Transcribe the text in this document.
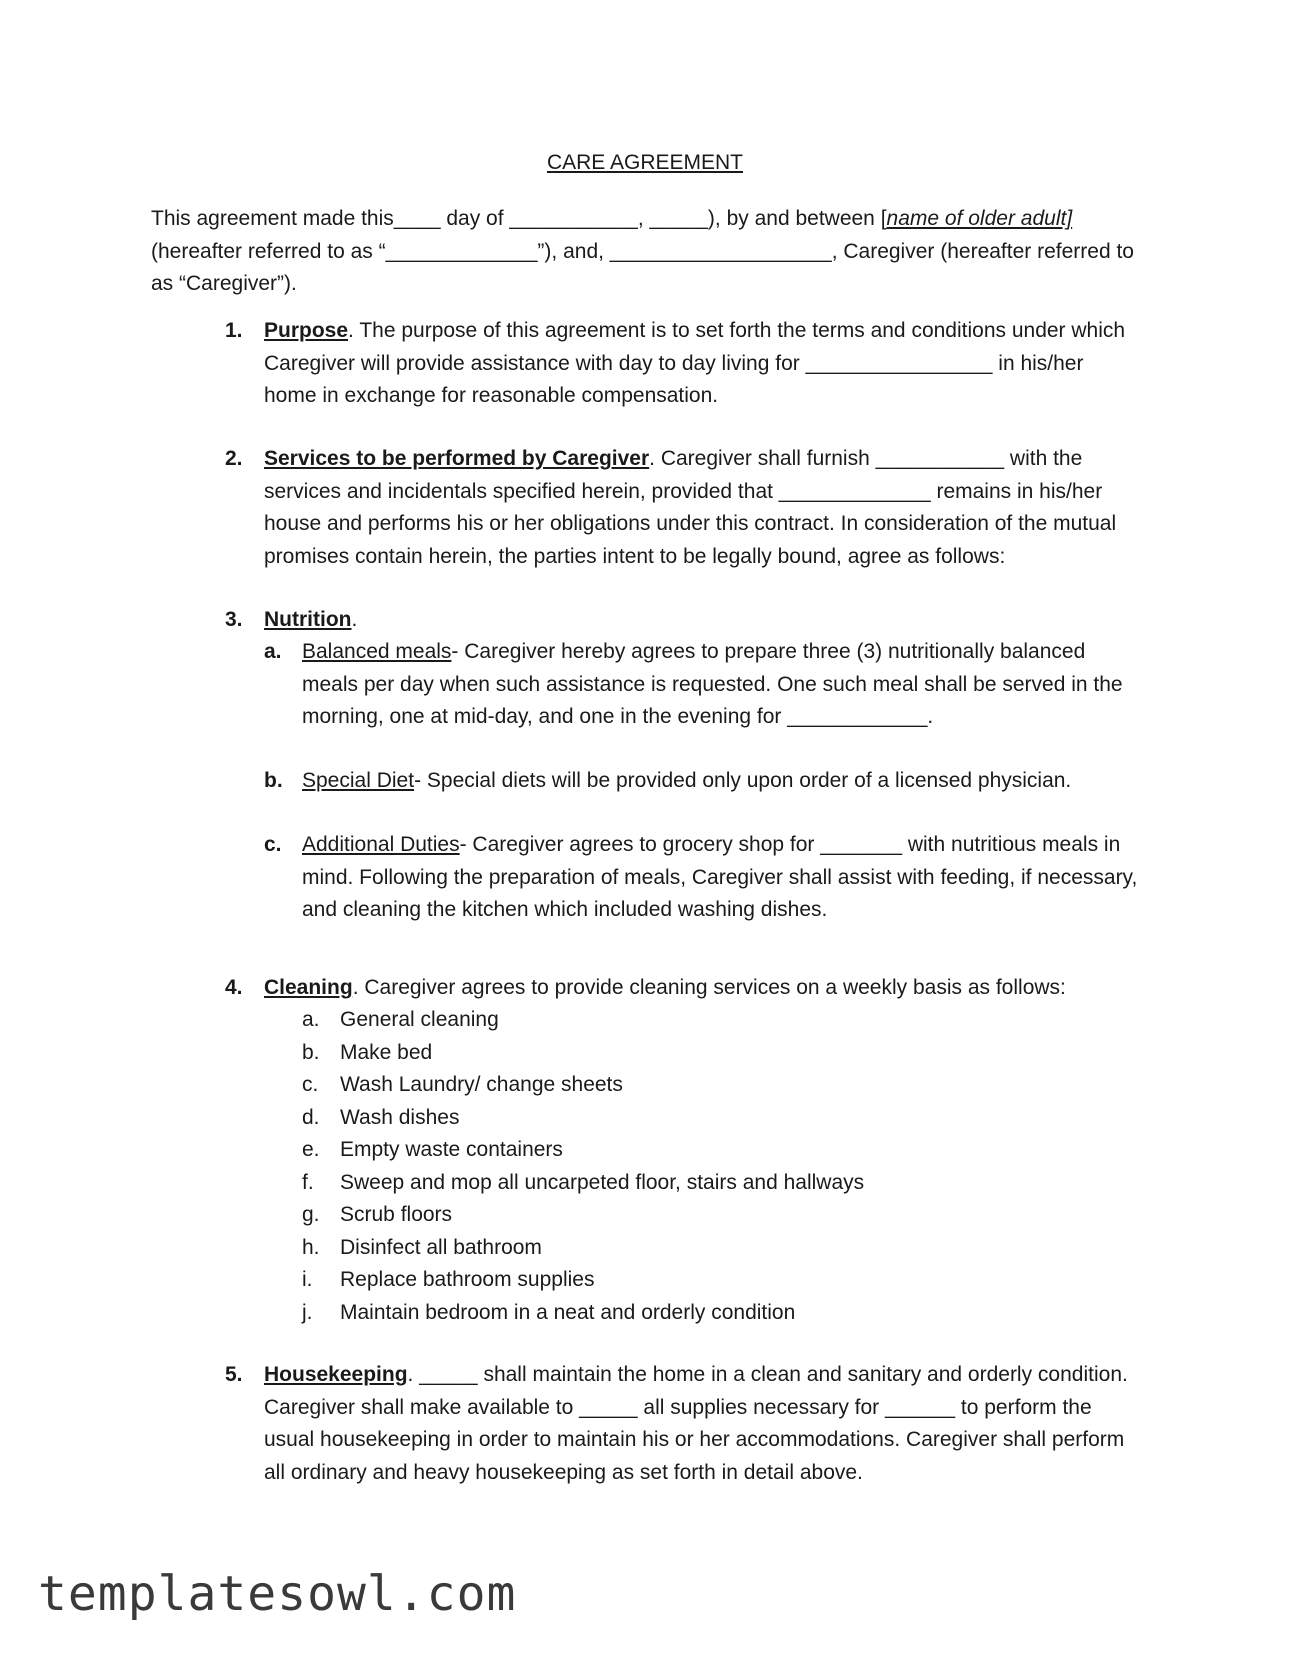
CARE AGREEMENT
This agreement made this____ day of ___________, _____), by and between [name of older adult] (hereafter referred to as “_____________”), and, ___________________, Caregiver (hereafter referred to as “Caregiver”).
1. Purpose. The purpose of this agreement is to set forth the terms and conditions under which Caregiver will provide assistance with day to day living for ________________ in his/her home in exchange for reasonable compensation.
2. Services to be performed by Caregiver. Caregiver shall furnish ___________ with the services and incidentals specified herein, provided that _____________ remains in his/her house and performs his or her obligations under this contract. In consideration of the mutual promises contain herein, the parties intent to be legally bound, agree as follows:
3. Nutrition.
a. Balanced meals- Caregiver hereby agrees to prepare three (3) nutritionally balanced meals per day when such assistance is requested. One such meal shall be served in the morning, one at mid-day, and one in the evening for ____________.
b. Special Diet- Special diets will be provided only upon order of a licensed physician.
c. Additional Duties- Caregiver agrees to grocery shop for _______ with nutritious meals in mind. Following the preparation of meals, Caregiver shall assist with feeding, if necessary, and cleaning the kitchen which included washing dishes.
4. Cleaning. Caregiver agrees to provide cleaning services on a weekly basis as follows:
a. General cleaning
b. Make bed
c. Wash Laundry/ change sheets
d. Wash dishes
e. Empty waste containers
f. Sweep and mop all uncarpeted floor, stairs and hallways
g. Scrub floors
h. Disinfect all bathroom
i. Replace bathroom supplies
j. Maintain bedroom in a neat and orderly condition
5. Housekeeping. _____ shall maintain the home in a clean and sanitary and orderly condition. Caregiver shall make available to _____ all supplies necessary for ______ to perform the usual housekeeping in order to maintain his or her accommodations. Caregiver shall perform all ordinary and heavy housekeeping as set forth in detail above.
templatesowl.com
